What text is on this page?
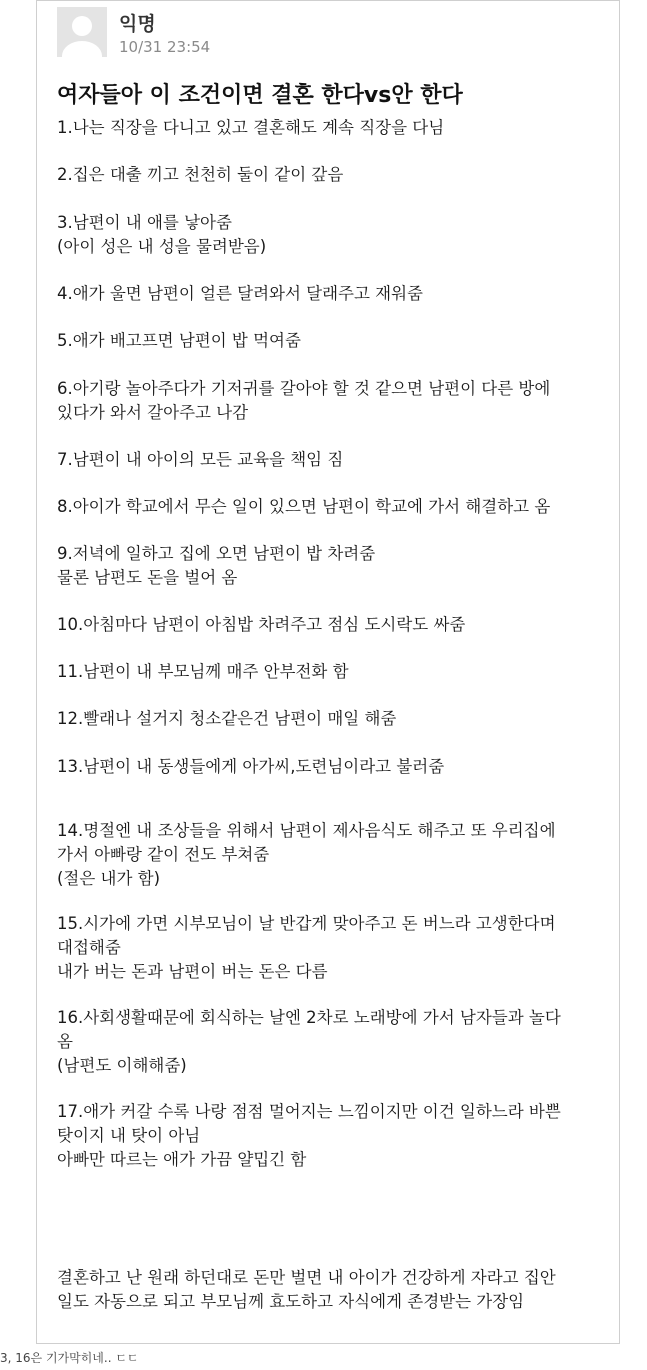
익명
10/31 23:54
여자들아 이 조건이면 결혼 한다vs안 한다
1.나는 직장을 다니고 있고 결혼해도 계속 직장을 다님
2.집은 대출 끼고 천천히 둘이 같이 갚음
3.남편이 내 애를 낳아줌
(아이 성은 내 성을 물려받음)
4.애가 울면 남편이 얼른 달려와서 달래주고 재워줌
5.애가 배고프면 남편이 밥 먹여줌
6.아기랑 놀아주다가 기저귀를 갈아야 할 것 같으면 남편이 다른 방에
있다가 와서 갈아주고 나감
7.남편이 내 아이의 모든 교육을 책임 짐
8.아이가 학교에서 무슨 일이 있으면 남편이 학교에 가서 해결하고 옴
9.저녁에 일하고 집에 오면 남편이 밥 차려줌
물론 남편도 돈을 벌어 옴
10.아침마다 남편이 아침밥 차려주고 점심 도시락도 싸줌
11.남편이 내 부모님께 매주 안부전화 함
12.빨래나 설거지 청소같은건 남편이 매일 해줌
13.남편이 내 동생들에게 아가씨,도련님이라고 불러줌
14.명절엔 내 조상들을 위해서 남편이 제사음식도 해주고 또 우리집에
가서 아빠랑 같이 전도 부쳐줌
(절은 내가 함)
15.시가에 가면 시부모님이 날 반갑게 맞아주고 돈 버느라 고생한다며
대접해줌
내가 버는 돈과 남편이 버는 돈은 다름
16.사회생활때문에 회식하는 날엔 2차로 노래방에 가서 남자들과 놀다
옴
(남편도 이해해줌)
17.애가 커갈 수록 나랑 점점 멀어지는 느낌이지만 이건 일하느라 바쁜
탓이지 내 탓이 아님
아빠만 따르는 애가 가끔 얄밉긴 함
결혼하고 난 원래 하던대로 돈만 벌면 내 아이가 건강하게 자라고 집안
일도 자동으로 되고 부모님께 효도하고 자식에게 존경받는 가장임
3, 16은 기가막히네.. ㄷㄷ
